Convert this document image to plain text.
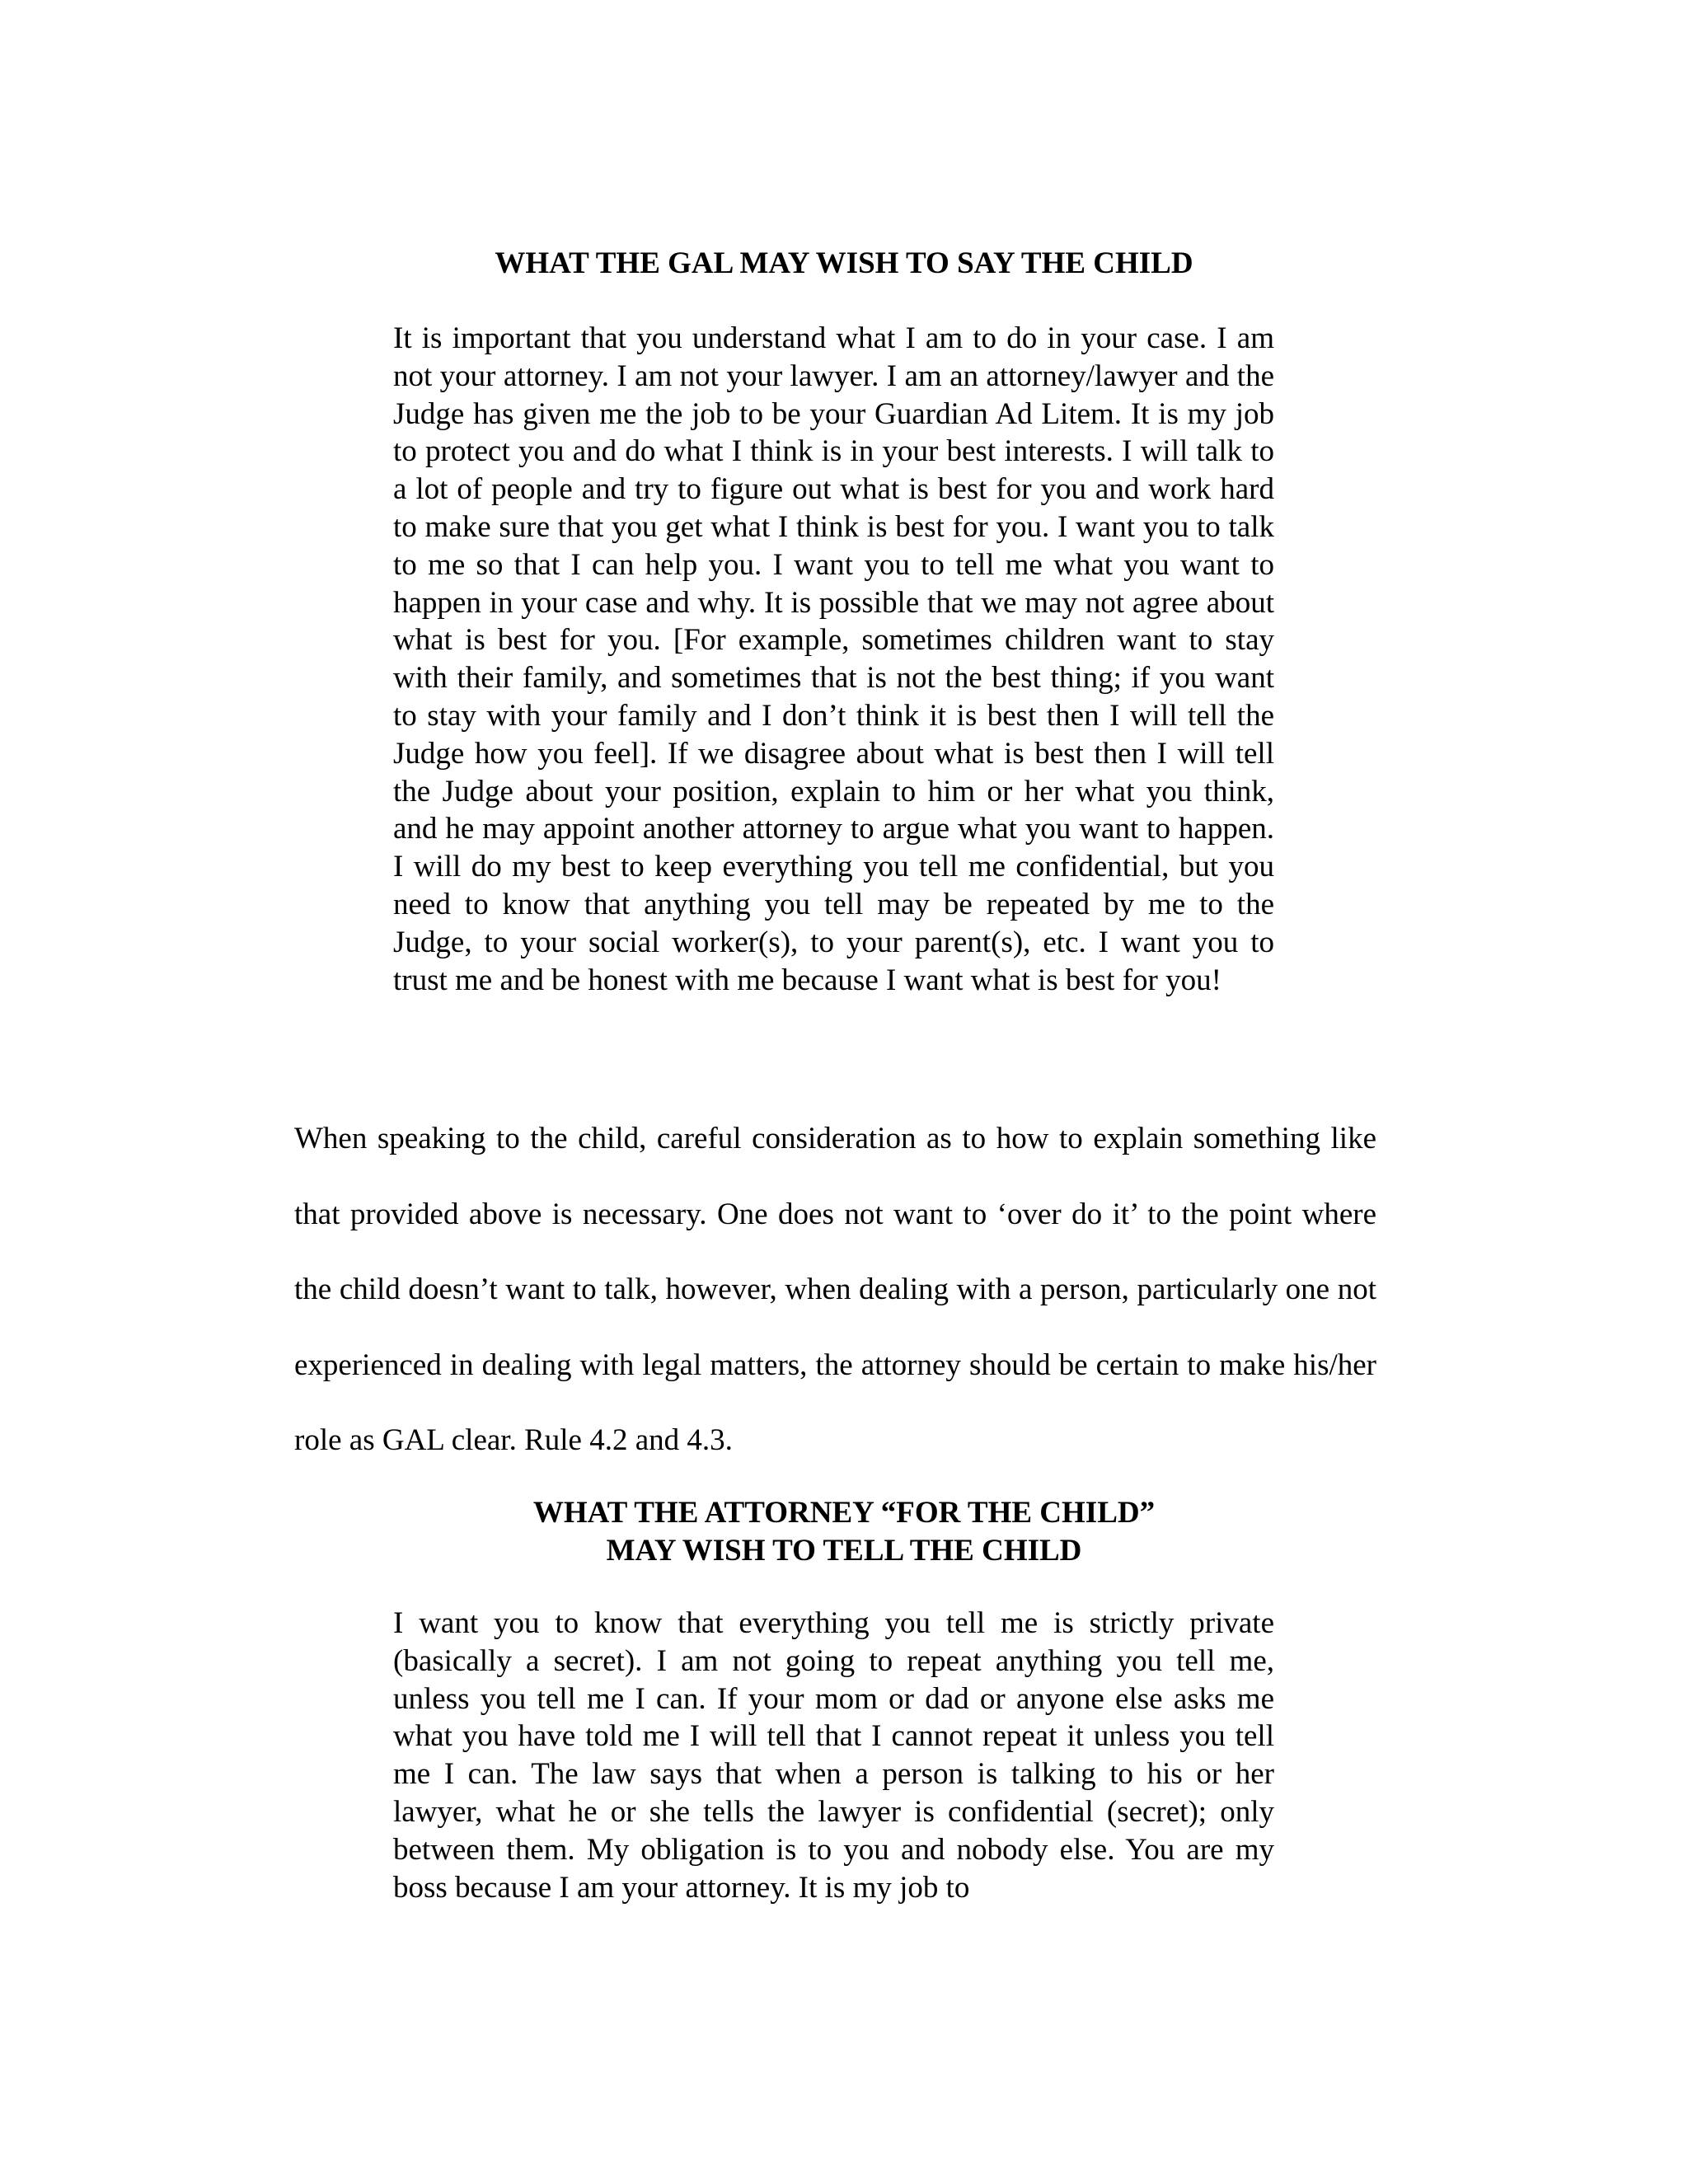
WHAT THE GAL MAY WISH TO SAY THE CHILD

It is important that you understand what I am to do in your case. I am not your attorney. I am not your lawyer. I am an attorney/lawyer and the Judge has given me the job to be your Guardian Ad Litem. It is my job to protect you and do what I think is in your best interests. I will talk to a lot of people and try to figure out what is best for you and work hard to make sure that you get what I think is best for you. I want you to talk to me so that I can help you. I want you to tell me what you want to happen in your case and why. It is possible that we may not agree about what is best for you. [For example, sometimes children want to stay with their family, and sometimes that is not the best thing; if you want to stay with your family and I don’t think it is best then I will tell the Judge how you feel]. If we disagree about what is best then I will tell the Judge about your position, explain to him or her what you think, and he may appoint another attorney to argue what you want to happen. I will do my best to keep everything you tell me confidential, but you need to know that anything you tell may be repeated by me to the Judge, to your social worker(s), to your parent(s), etc. I want you to trust me and be honest with me because I want what is best for you!

When speaking to the child, careful consideration as to how to explain something like that provided above is necessary. One does not want to ‘over do it’ to the point where the child doesn’t want to talk, however, when dealing with a person, particularly one not experienced in dealing with legal matters, the attorney should be certain to make his/her role as GAL clear. Rule 4.2 and 4.3.

WHAT THE ATTORNEY “FOR THE CHILD”
MAY WISH TO TELL THE CHILD

I want you to know that everything you tell me is strictly private (basically a secret). I am not going to repeat anything you tell me, unless you tell me I can. If your mom or dad or anyone else asks me what you have told me I will tell that I cannot repeat it unless you tell me I can. The law says that when a person is talking to his or her lawyer, what he or she tells the lawyer is confidential (secret); only between them. My obligation is to you and nobody else. You are my boss because I am your attorney. It is my job to
